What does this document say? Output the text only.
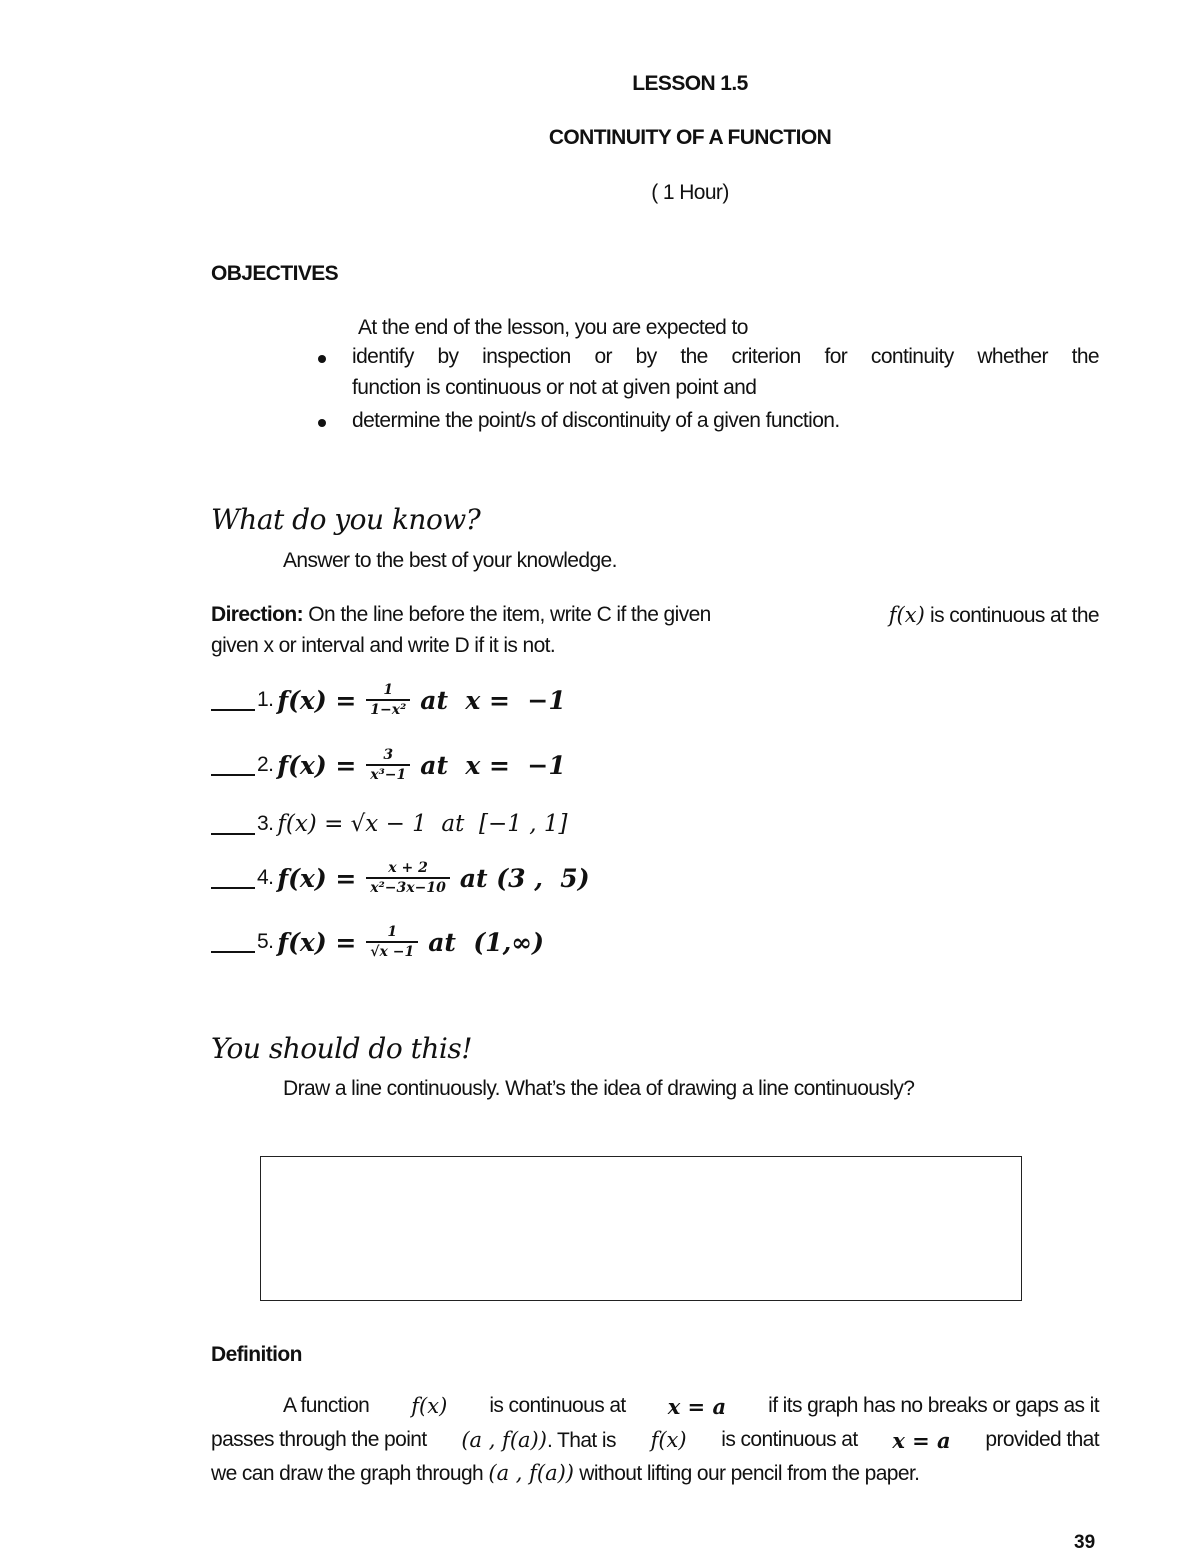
LESSON 1.5
CONTINUITY OF A FUNCTION
( 1 Hour)
OBJECTIVES
At the end of the lesson, you are expected to
identify by inspection or by the criterion for continuity whether the
function is continuous or not at given point and
determine the point/s of discontinuity of a given function.
What do you know?
Answer to the best of your knowledge.
Direction: On the line before the item, write C if the given	f(x) is continuous at the
given x or interval and write D if it is not.
1. $f(x) = \frac{1}{\text{1−x²}}$ at  x =  −1
2. $f(x) = \frac{3}{\text{x³−1}}$ at  x =  −1
3. f(x) = √x − 1  at  [−1 , 1]
4. $f(x) = \frac{x + 2}{\text{x²−3x−10}}$ at (3 ,  5)
5. $f(x) = \frac{1}{√x -1}$ at  (1,∞)
You should do this!
Draw a line continuously. What’s the idea of drawing a line continuously?
Definition
A function f(x) is continuous at x = a if its graph has no breaks or gaps as it
passes through the point (a , f(a)). That is f(x) is continuous at x = a provided that
we can draw the graph through (a , f(a)) without lifting our pencil from the paper.
39
